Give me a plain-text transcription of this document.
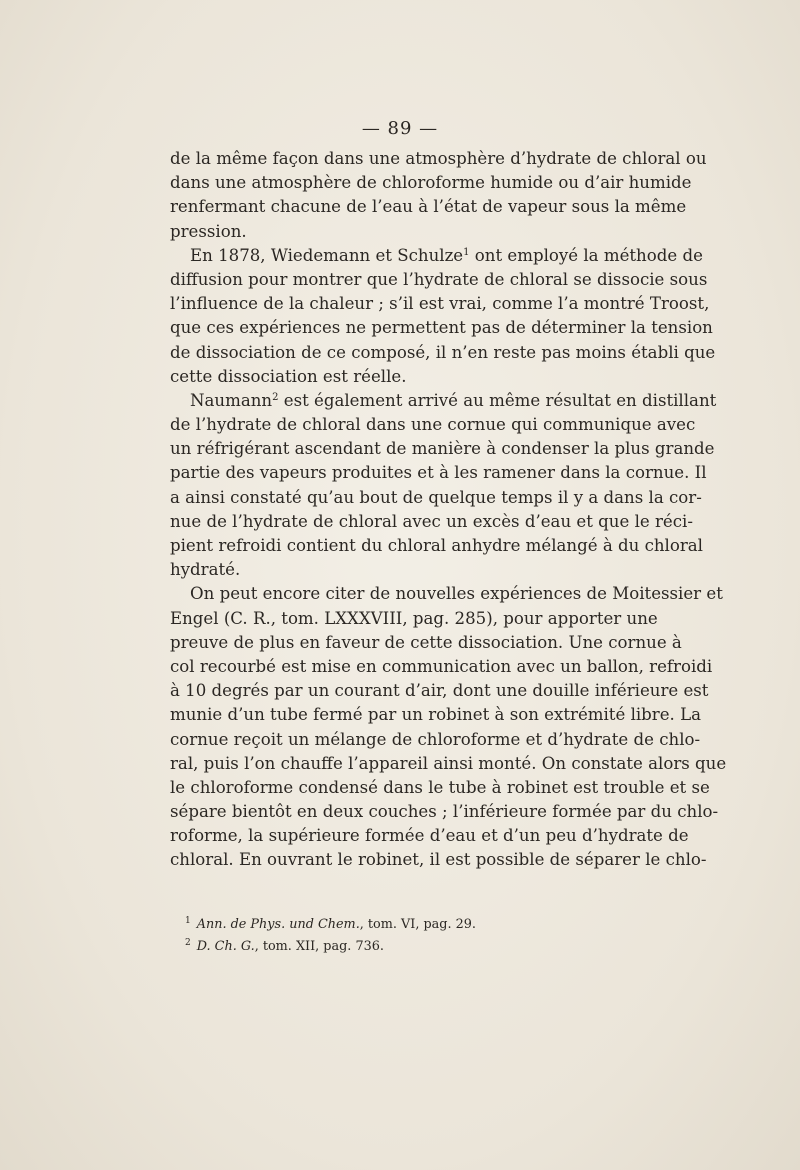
— 89 —
de la même façon dans une atmosphère d’hydrate de chloral ou
dans une atmosphère de chloroforme humide ou d’air humide
renfermant chacune de l’eau à l’état de vapeur sous la même
pression.
En 1878, Wiedemann et Schulze$^1$ ont employé la méthode de
diffusion pour montrer que l’hydrate de chloral se dissocie sous
l’influence de la chaleur ; s’il est vrai, comme l’a montré Troost,
que ces expériences ne permettent pas de déterminer la tension
de dissociation de ce composé, il n’en reste pas moins établi que
cette dissociation est réelle.
Naumann$^2$ est également arrivé au même résultat en distillant
de l’hydrate de chloral dans une cornue qui communique avec
un réfrigérant ascendant de manière à condenser la plus grande
partie des vapeurs produites et à les ramener dans la cornue. Il
a ainsi constaté qu’au bout de quelque temps il y a dans la cor-
nue de l’hydrate de chloral avec un excès d’eau et que le réci-
pient refroidi contient du chloral anhydre mélangé à du chloral
hydraté.
On peut encore citer de nouvelles expériences de Moitessier et
Engel (C. R., tom. LXXXVIII, pag. 285), pour apporter une
preuve de plus en faveur de cette dissociation. Une cornue à
col recourbé est mise en communication avec un ballon, refroidi
à 10 degrés par un courant d’air, dont une douille inférieure est
munie d’un tube fermé par un robinet à son extrémité libre. La
cornue reçoit un mélange de chloroforme et d’hydrate de chlo-
ral, puis l’on chauffe l’appareil ainsi monté. On constate alors que
le chloroforme condensé dans le tube à robinet est trouble et se
sépare bientôt en deux couches ; l’inférieure formée par du chlo-
roforme, la supérieure formée d’eau et d’un peu d’hydrate de
chloral. En ouvrant le robinet, il est possible de séparer le chlo-
$^1$ Ann. de Phys. und Chem., tom. VI, pag. 29.
$^2$ D. Ch. G., tom. XII, pag. 736.
